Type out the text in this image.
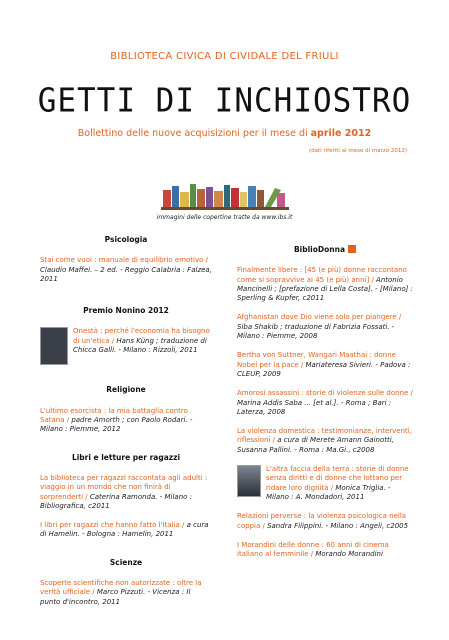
BIBLIOTECA CIVICA DI CIVIDALE DEL FRIULI
GETTI DI INCHIOSTRO
Bollettino delle nuove acquisizioni per il mese di aprile 2012
(dati riferiti al mese di marzo 2012)
immagini delle copertine tratte da www.ibs.it
Psicologia
Stai come vuoi : manuale di equilibrio emotivo / Claudio Maffei. – 2 ed. - Reggio Calabria : Falzea, 2011
Premio Nonino 2012
Onestà : perché l'economia ha bisogno di un'etica / Hans Küng ; traduzione di Chicca Galli. - Milano : Rizzoli, 2011
Religione
L'ultimo esorcista : la mia battaglia contro Satana / padre Amorth ; con Paolo Rodari. - Milano : Piemme, 2012
Libri e letture per ragazzi
La biblioteca per ragazzi raccontata agli adulti : viaggio in un mondo che non finirà di sorprenderti / Caterina Ramonda. - Milano : Bibliografica, c2011
I libri per ragazzi che hanno fatto l'Italia / a cura di Hamelin. - Bologna : Hamelin, 2011
Scienze
Scoperte scientifiche non autorizzate : oltre la verità ufficiale / Marco Pizzuti. - Vicenza : Il punto d'incontro, 2011
BiblioDonna
Finalmente libere : [45 (e più) donne raccontano come si sopravvive ai 45 (e più) anni] / Antonio Mancinelli ; [prefazione di Lella Costa]. - [Milano] : Sperling & Kupfer, c2011
Afghanistan dove Dio viene solo per piangere / Siba Shakib ; traduzione di Fabrizia Fossati. - Milano : Piemme, 2008
Bertha von Suttner, Wangari Maathai : donne Nobel per la pace / Mariateresa Sivieri. - Padova : CLEUP, 2009
Amorosi assassini : storie di violenze sulle donne / Marina Addis Saba ... [et al.]. - Roma ; Bari : Laterza, 2008
La violenza domestica : testimonianze, interventi, riflessioni / a cura di Merete Amann Gainotti, Susanna Pallini. - Roma : Ma.Gi., c2008
L'altra faccia della terra : storie di donne senza diritti e di donne che lottano per ridare loro dignità / Monica Triglia. - Milano : A. Mondadori, 2011
Relazioni perverse : la violenza psicologica nella coppia / Sandra Filippini. - Milano : Angeli, c2005
I Morandini delle donne : 60 anni di cinema italiano al femminile / Morando Morandini
